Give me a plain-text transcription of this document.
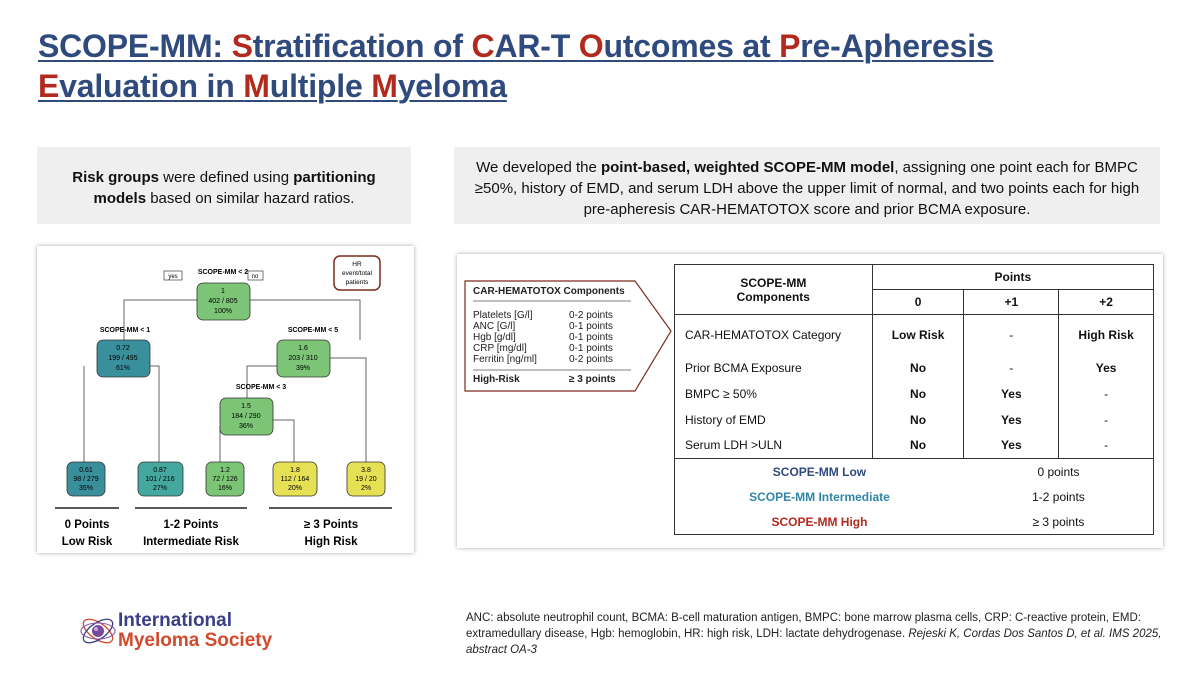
SCOPE-MM: Stratification of CAR-T Outcomes at Pre-Apheresis Evaluation in Multiple Myeloma
Risk groups were defined using partitioning models based on similar hazard ratios.
We developed the point-based, weighted SCOPE-MM model, assigning one point each for BMPC ≥50%, history of EMD, and serum LDH above the upper limit of normal, and two points each for high pre-apheresis CAR-HEMATOTOX score and prior BCMA exposure.
HR
event/total
patients
SCOPE-MM < 2
yes	no
SCOPE-MM < 1	SCOPE-MM < 5
SCOPE-MM < 3
1
402 / 805
100%
0.72
199 / 495
61%
1.6
203 / 310
39%
1.5
184 / 290
36%
0.61
98 / 279
35%
0.87
101 / 216
27%
1.2
72 / 126
16%
1.8
112 / 164
20%
3.8
19 / 20
2%
0 Points
Low Risk
1-2 Points
Intermediate Risk
≥ 3 Points
High Risk
CAR-HEMATOTOX Components
Platelets [G/l]	0-2 points
ANC [G/l]	0-1 points
Hgb [g/dl]	0-1 points
CRP [mg/dl]	0-1 points
Ferritin [ng/ml]	0-2 points
High-Risk	≥ 3 points
SCOPE-MM
Components	Points		
	0	+1	+2
CAR-HEMATOTOX Category	Low Risk	-	High Risk
Prior BCMA Exposure	No	-	Yes
BMPC ≥ 50%	No	Yes	-
History of EMD	No	Yes	-
Serum LDH >ULN	No	Yes	-
SCOPE-MM Low		0 points	
SCOPE-MM Intermediate		1-2 points	
SCOPE-MM High		≥ 3 points	
International
Myeloma Society
ANC: absolute neutrophil count, BCMA: B-cell maturation antigen, BMPC: bone marrow plasma cells, CRP: C-reactive protein, EMD: extramedullary disease, Hgb: hemoglobin, HR: high risk, LDH: lactate dehydrogenase. Rejeski K, Cordas Dos Santos D, et al. IMS 2025, abstract OA-3
